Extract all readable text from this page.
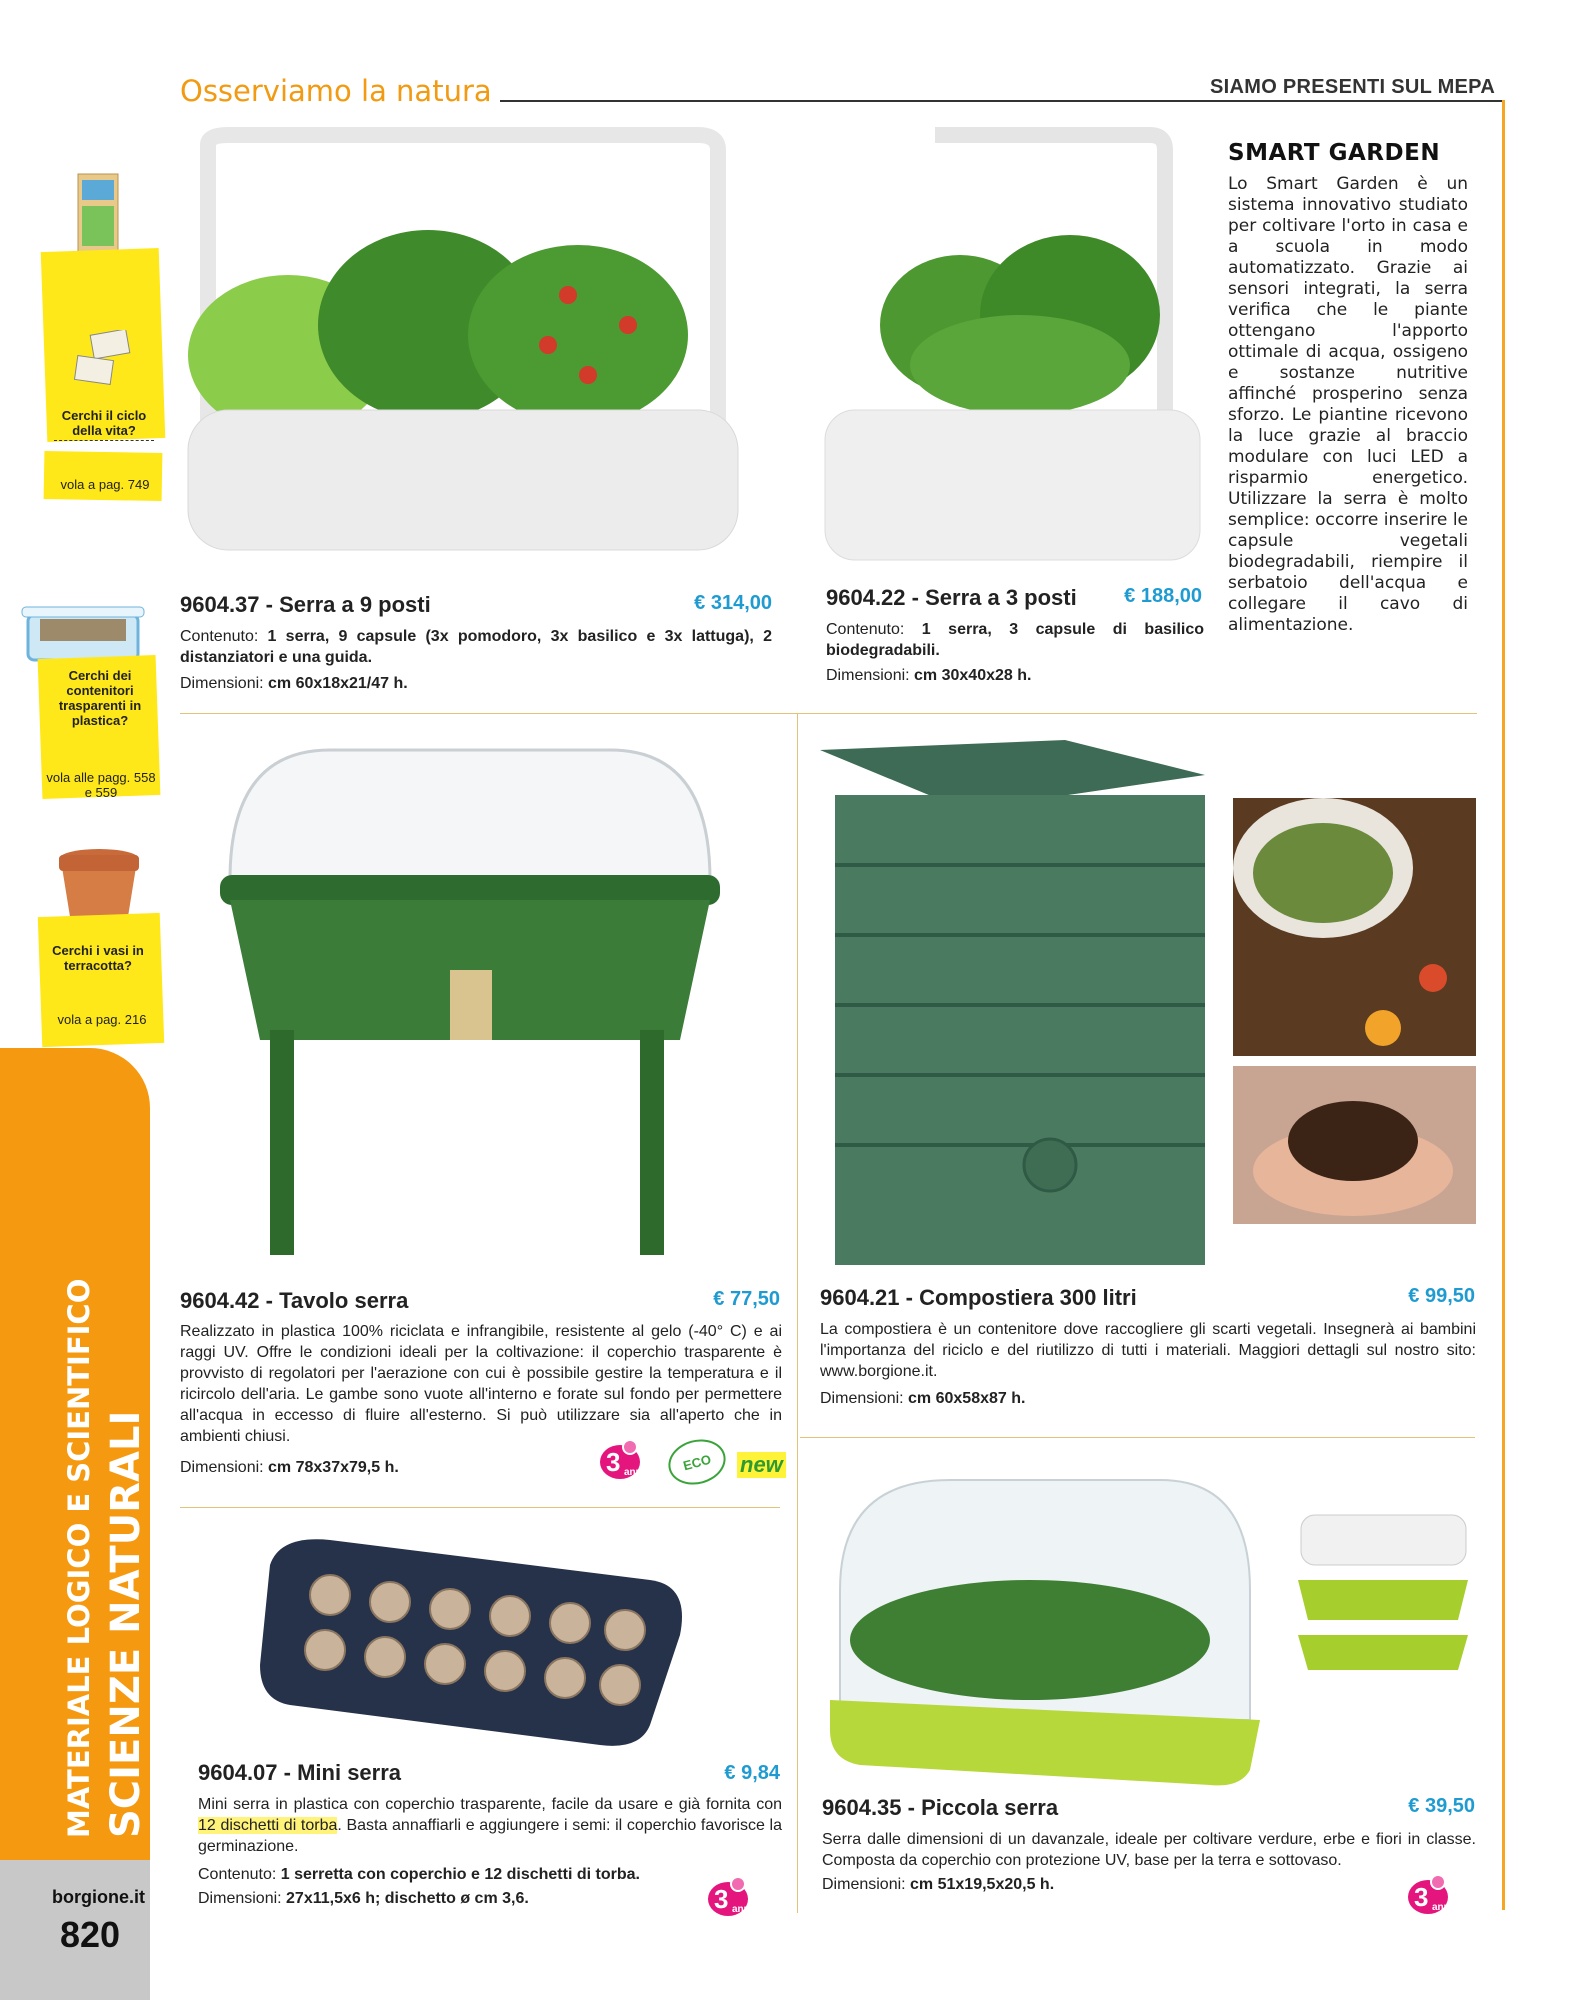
Osserviamo la natura	SIAMO PRESENTI SUL MEPA
MATERIALE LOGICO E SCIENTIFICO SCIENZE NATURALI
borgione.it
820
Cerchi il ciclo della vita?
vola a pag. 749
Cerchi dei contenitori trasparenti in plastica?
vola alle pagg. 558 e 559
Cerchi i vasi in terracotta?
vola a pag. 216
9604.37 - Serra a 9 posti	€ 314,00
Contenuto: 1 serra, 9 capsule (3x pomodoro, 3x basilico e 3x lattuga), 2 distanziatori e una guida.
Dimensioni: cm 60x18x21/47 h.
9604.22 - Serra a 3 posti	€ 188,00
Contenuto: 1 serra, 3 capsule di basilico biodegradabili.
Dimensioni: cm 30x40x28 h.
SMART GARDEN
Lo Smart Garden è un sistema innovativo studiato per coltivare l'orto in casa e a scuola in modo automatizzato. Grazie ai sensori integrati, la serra verifica che le piante ottengano l'apporto ottimale di acqua, ossigeno e sostanze nutritive affinché prosperino senza sforzo. Le piantine ricevono la luce grazie al braccio modulare con luci LED a risparmio energetico. Utilizzare la serra è molto semplice: occorre inserire le capsule vegetali biodegradabili, riempire il serbatoio dell'acqua e collegare il cavo di alimentazione.
9604.42 - Tavolo serra	€ 77,50
Realizzato in plastica 100% riciclata e infrangibile, resistente al gelo (-40° C) e ai raggi UV. Offre le condizioni ideali per la coltivazione: il coperchio trasparente è provvisto di regolatori per l'aerazione con cui è possibile gestire la temperatura e il ricircolo dell'aria. Le gambe sono vuote all'interno e forate sul fondo per permettere all'acqua in eccesso di fluire all'esterno. Si può utilizzare sia all'aperto che in ambienti chiusi.
Dimensioni: cm 78x37x79,5 h.	3 anni	ECO new
9604.21 - Compostiera 300 litri	€ 99,50
La compostiera è un contenitore dove raccogliere gli scarti vegetali. Insegnerà ai bambini l'importanza del riciclo e del riutilizzo di tutti i materiali. Maggiori dettagli sul nostro sito: www.borgione.it.
Dimensioni: cm 60x58x87 h.
9604.07 - Mini serra	€ 9,84
Mini serra in plastica con coperchio trasparente, facile da usare e già fornita con 12 dischetti di torba. Basta annaffiarli e aggiungere i semi: il coperchio favorisce la germinazione.
Contenuto: 1 serretta con coperchio e 12 dischetti di torba.
Dimensioni: 27x11,5x6 h; dischetto ø cm 3,6.	3 anni
9604.35 - Piccola serra	€ 39,50
Serra dalle dimensioni di un davanzale, ideale per coltivare verdure, erbe e fiori in classe. Composta da coperchio con protezione UV, base per la terra e sottovaso.
Dimensioni: cm 51x19,5x20,5 h.	3 anni
